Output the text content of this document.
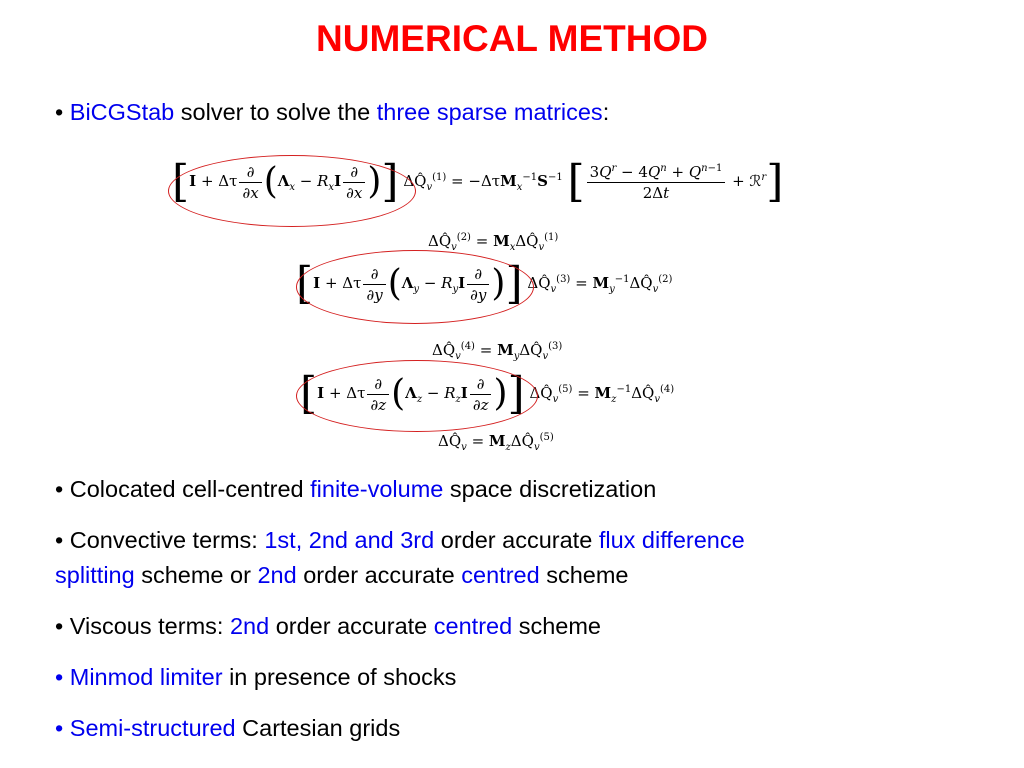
NUMERICAL METHOD
• BiCGStab solver to solve the three sparse matrices:
[I + Δτ $\frac{\partial}{\partial x} (\Lambda_x - R_xI \frac{\partial}{\partial x}$ )] $\Delta Q̂_v^{(1)} = -\Delta\tau M_x^{-1}S^{-1}$ [ $\frac{3Q^r - 4Q^n + Q^{n-1}}{2\Delta t}$ + ℛ$^r$]
$\Delta Q̂_v^{(2)}$ = $M_x\Delta Q̂_v^{(1)}$
[I + Δτ $\frac{\partial}{\partial y} (\Lambda_y - R_yI \frac{\partial}{\partial y}$ )] $\Delta Q̂_v^{(3)}$ = $M_y^{-1}\Delta Q̂_v^{(2)}$
$\Delta Q̂_v^{(4)}$ = $M_y\Delta Q̂_v^{(3)}$
[I + Δτ $\frac{\partial}{\partial z} (\Lambda_z - R_zI \frac{\partial}{\partial z}$ )] $\Delta Q̂_v^{(5)}$ = $M_z^{-1}\Delta Q̂_v^{(4)}$
$\Delta Q̂_v$ = $M_z\Delta Q̂_v^{(5)}$
• Colocated cell-centred finite-volume space discretization
• Convective terms: 1st, 2nd and 3rd order accurate flux difference
splitting scheme or 2nd order accurate centred scheme
• Viscous terms: 2nd order accurate centred scheme
• Minmod limiter in presence of shocks
• Semi-structured Cartesian grids
